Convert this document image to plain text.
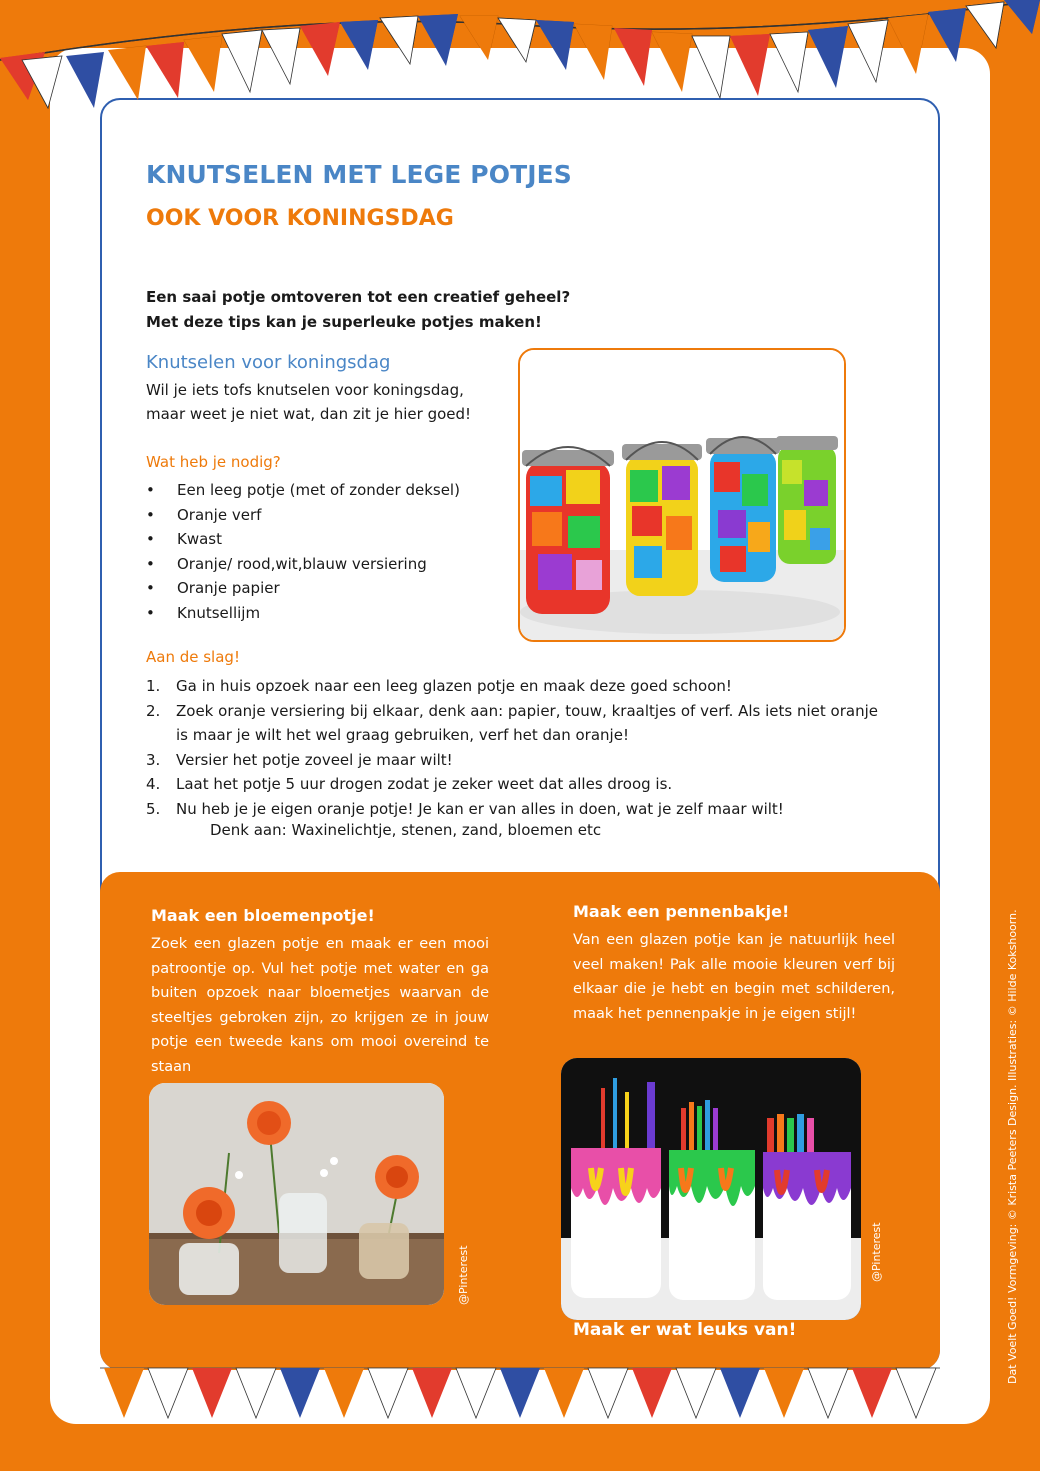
KNUTSELEN MET LEGE POTJES
OOK VOOR KONINGSDAG
Een saai potje omtoveren tot een creatief geheel?
Met deze tips kan je superleuke potjes maken!
Knutselen voor koningsdag
Wil je iets tofs knutselen voor koningsdag,
maar weet je niet wat, dan zit je hier goed!
Wat heb je nodig?
• Een leeg potje (met of zonder deksel)
• Oranje verf
• Kwast
• Oranje/ rood,wit,blauw versiering
• Oranje papier
• Knutsellijm
Aan de slag!
1. Ga in huis opzoek naar een leeg glazen potje en maak deze goed schoon!
2. Zoek oranje versiering bij elkaar, denk aan: papier, touw, kraaltjes of verf. Als iets niet oranje is maar je wilt het wel graag gebruiken, verf het dan oranje!
3. Versier het potje zoveel je maar wilt!
4. Laat het potje 5 uur drogen zodat je zeker weet dat alles droog is.
5. Nu heb je je eigen oranje potje! Je kan er van alles in doen, wat je zelf maar wilt!
Denk aan: Waxinelichtje, stenen, zand, bloemen etc
Maak een bloemenpotje!
Zoek een glazen potje en maak er een mooi patroontje op. Vul het potje met water en ga buiten opzoek naar bloemetjes waarvan de steeltjes gebroken zijn, zo krijgen ze in jouw potje een tweede kans om mooi overeind te staan
Maak een pennenbakje!
Van een glazen potje kan je natuurlijk heel veel maken! Pak alle mooie kleuren verf bij elkaar die je hebt en begin met schilderen, maak het pennenpakje in je eigen stijl!
@Pinterest	@Pinterest
Maak er wat leuks van!	Dat Voelt Goed! Vormgeving: © Krista Peeters Design. Illustraties: © Hilde Kokshoorn.
